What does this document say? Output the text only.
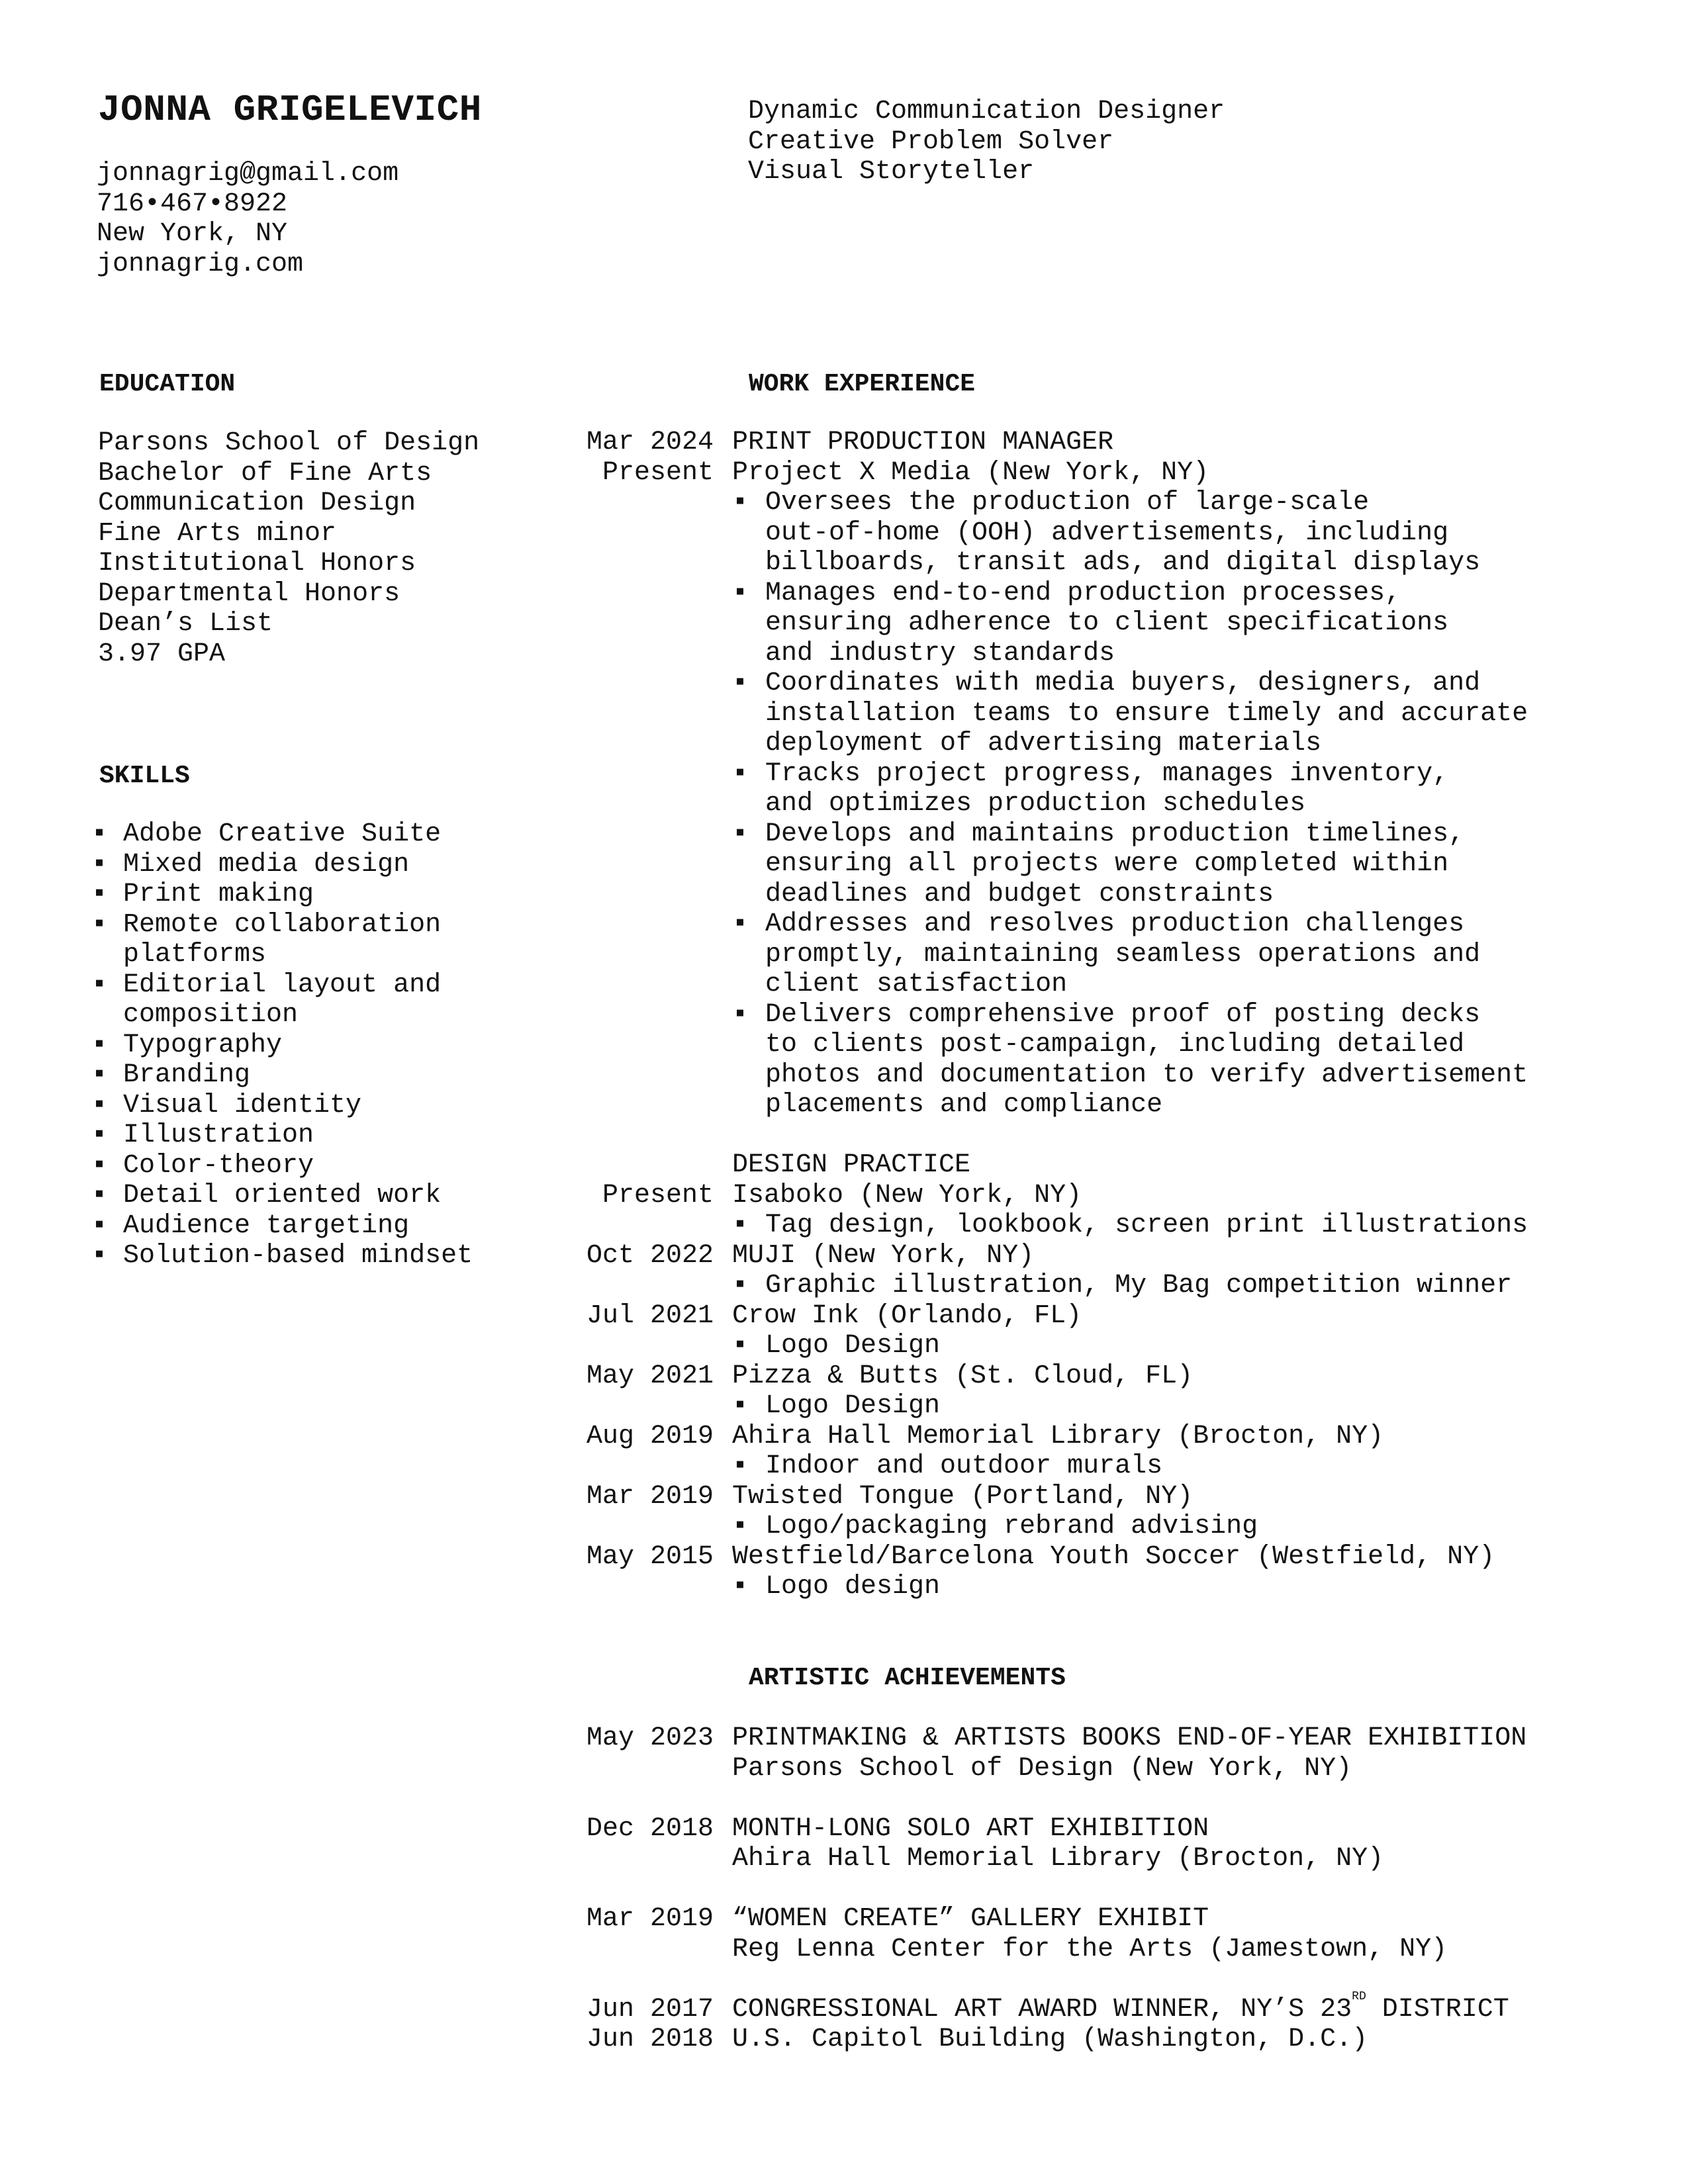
JONNA GRIGELEVICH
jonnagrig@gmail.com
716•467•8922
New York, NY
jonnagrig.com
Dynamic Communication Designer
Creative Problem Solver
Visual Storyteller
EDUCATION
SKILLS
WORK EXPERIENCE
ARTISTIC ACHIEVEMENTS
Parsons School of Design
Bachelor of Fine Arts
Communication Design
Fine Arts minor
Institutional Honors
Departmental Honors
Dean’s List
3.97 GPA
▪ Adobe Creative Suite
▪ Mixed media design
▪ Print making
▪ Remote collaboration
platforms
▪ Editorial layout and
composition
▪ Typography
▪ Branding
▪ Visual identity
▪ Illustration
▪ Color-theory
▪ Detail oriented work
▪ Audience targeting
▪ Solution-based mindset
Mar 2024
Present
PRINT PRODUCTION MANAGER
Project X Media (New York, NY)
▪ Oversees the production of large-scale
out-of-home (OOH) advertisements, including
billboards, transit ads, and digital displays
▪ Manages end-to-end production processes,
ensuring adherence to client specifications
and industry standards
▪ Coordinates with media buyers, designers, and
installation teams to ensure timely and accurate
deployment of advertising materials
▪ Tracks project progress, manages inventory,
and optimizes production schedules
▪ Develops and maintains production timelines,
ensuring all projects were completed within
deadlines and budget constraints
▪ Addresses and resolves production challenges
promptly, maintaining seamless operations and
client satisfaction
▪ Delivers comprehensive proof of posting decks
to clients post-campaign, including detailed
photos and documentation to verify advertisement
placements and compliance
DESIGN PRACTICE
Present Isaboko (New York, NY)
▪ Tag design, lookbook, screen print illustrations
Oct 2022 MUJI (New York, NY)
▪ Graphic illustration, My Bag competition winner
Jul 2021 Crow Ink (Orlando, FL)
▪ Logo Design
May 2021 Pizza & Butts (St. Cloud, FL)
▪ Logo Design
Aug 2019 Ahira Hall Memorial Library (Brocton, NY)
▪ Indoor and outdoor murals
Mar 2019 Twisted Tongue (Portland, NY)
▪ Logo/packaging rebrand advising
May 2015 Westfield/Barcelona Youth Soccer (Westfield, NY)
▪ Logo design
May 2023 PRINTMAKING & ARTISTS BOOKS END-OF-YEAR EXHIBITION
Parsons School of Design (New York, NY)
Dec 2018 MONTH-LONG SOLO ART EXHIBITION
Ahira Hall Memorial Library (Brocton, NY)
Mar 2019 “WOMEN CREATE” GALLERY EXHIBIT
Reg Lenna Center for the Arts (Jamestown, NY)
Jun 2017
Jun 2018
CONGRESSIONAL ART AWARD WINNER, NY’S 23RD DISTRICT
U.S. Capitol Building (Washington, D.C.)
